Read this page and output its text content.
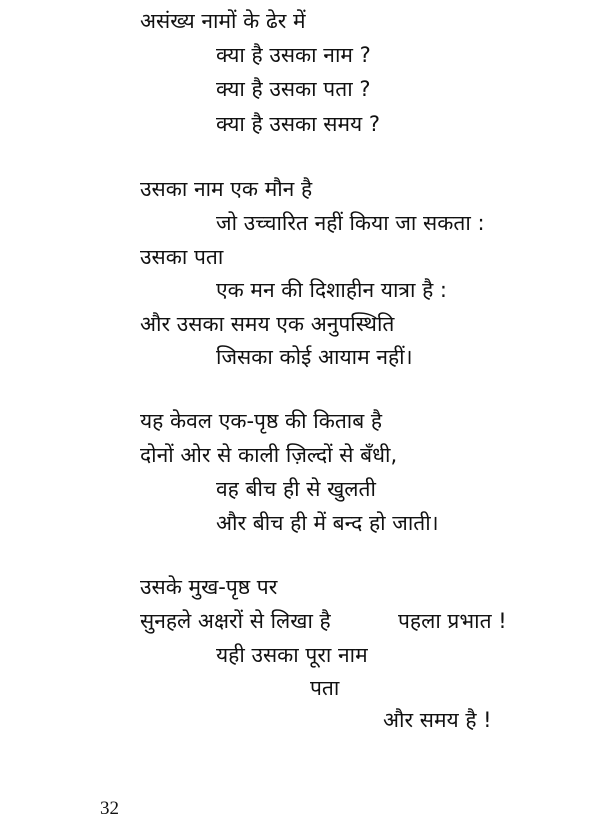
असंख्य नामों के ढेर में
क्या है उसका नाम ?
क्या है उसका पता ?
क्या है उसका समय ?
उसका नाम एक मौन है
जो उच्चारित नहीं किया जा सकता :
उसका पता
एक मन की दिशाहीन यात्रा है :
और उसका समय एक अनुपस्थिति
जिसका कोई आयाम नहीं।
यह केवल एक-पृष्ठ की किताब है
दोनों ओर से काली ज़िल्दों से बँधी,
वह बीच ही से खुलती
और बीच ही में बन्द हो जाती।
उसके मुख-पृष्ठ पर
सुनहले अक्षरों से लिखा है	पहला प्रभात !
यही उसका पूरा नाम
पता
और समय है !
32
